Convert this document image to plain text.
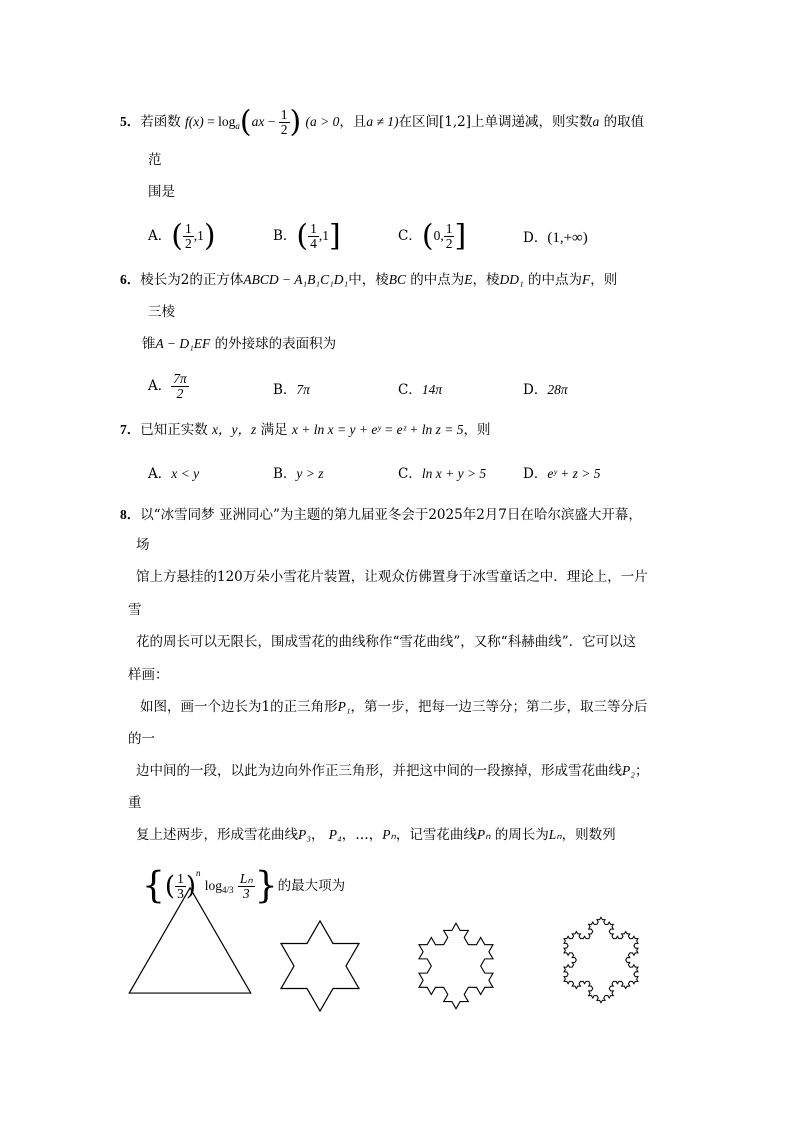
5．若函数 $f(x) = \log_a(ax - \frac{1}{2}$ ) (a > 0，且a ≠ 1)在区间[1,2]上单调递减，则实数a 的取值
范
围是
A．( $\frac{1}{2} ,1$)	B．( $\frac{1}{4} ,1$]	C．(0, $\frac{1}{2}$ ]	D．(1,+∞)
6．棱长为2的正方体ABCD − A₁B₁C₁D₁中，棱BC 的中点为E，棱DD₁ 的中点为F，则
三棱
锥A − D₁EF 的外接球的表面积为
A． $\frac{7\pi}{2}$	B．7π	C．14π	D．28π
7．已知正实数 x，y，z 满足 x + ln x = y + eʸ = eᶻ + ln z = 5，则
A．x < y	B．y > z	C．ln x + y > 5	D．eʸ + z > 5
8．以“冰雪同梦 亚洲同心”为主题的第九届亚冬会于2025年2月7日在哈尔滨盛大开幕，
场
馆上方悬挂的120万朵小雪花片装置，让观众仿佛置身于冰雪童话之中．理论上，一片
雪
花的周长可以无限长，围成雪花的曲线称作“雪花曲线”，又称“科赫曲线”．它可以这
样画：
如图，画一个边长为1的正三角形P₁，第一步，把每一边三等分；第二步，取三等分后
的一
边中间的一段，以此为边向外作正三角形，并把这中间的一段擦掉，形成雪花曲线P₂；
重
复上述两步，形成雪花曲线P₃， P₄，…，Pₙ，记雪花曲线Pₙ 的周长为Lₙ，则数列
{( $\frac{1}{3} )^n$ $\log_{4/3} \frac{\text{Lₙ}}{3}$ }的最大项为
